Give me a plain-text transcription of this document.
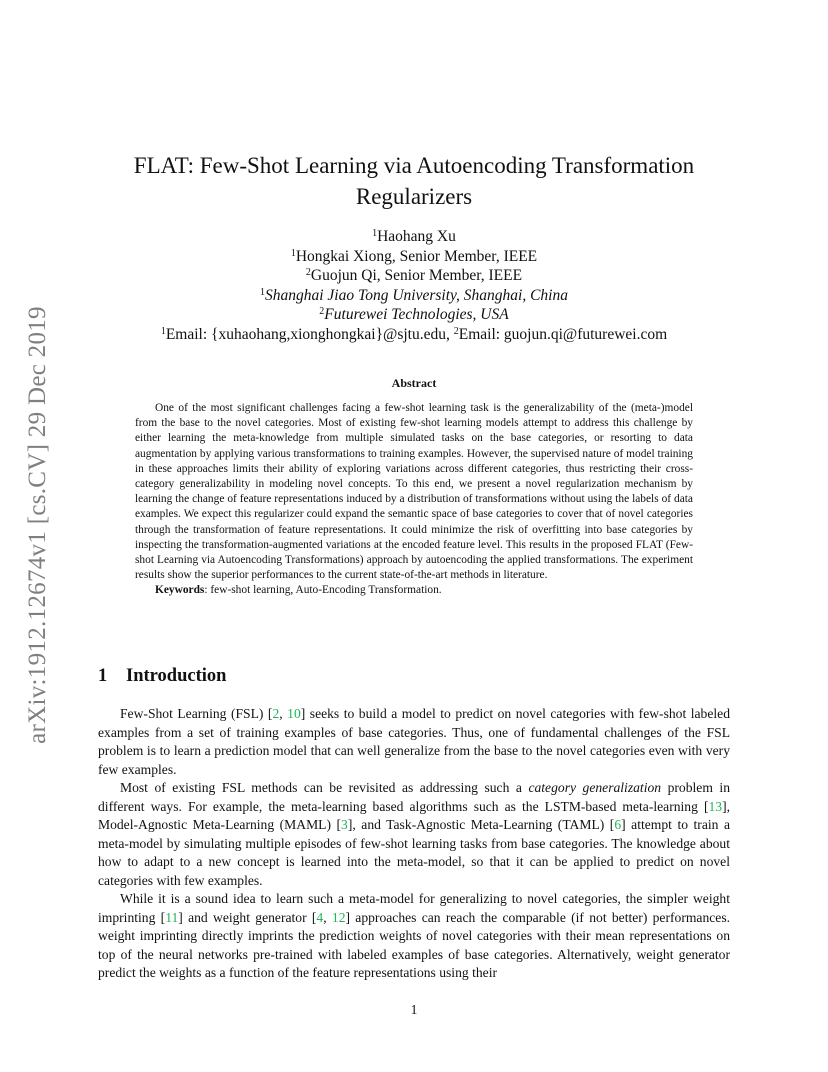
arXiv:1912.12674v1 [cs.CV] 29 Dec 2019
FLAT: Few-Shot Learning via Autoencoding Transformation Regularizers
$^1$Haohang Xu
$^1$Hongkai Xiong, Senior Member, IEEE
$^2$Guojun Qi, Senior Member, IEEE
$^1$Shanghai Jiao Tong University, Shanghai, China
$^2$Futurewei Technologies, USA
$^1$Email: {xuhaohang,xionghongkai}@sjtu.edu, $^2$Email: guojun.qi@futurewei.com
Abstract

One of the most significant challenges facing a few-shot learning task is the generalizability of the (meta-)model from the base to the novel categories. Most of existing few-shot learning models attempt to address this challenge by either learning the meta-knowledge from multiple simulated tasks on the base categories, or resorting to data augmentation by applying various transformations to training examples. However, the supervised nature of model training in these approaches limits their ability of exploring variations across different categories, thus restricting their cross-category generalizability in modeling novel concepts. To this end, we present a novel regularization mechanism by learning the change of feature representations induced by a distribution of transformations without using the labels of data examples. We expect this regularizer could expand the semantic space of base categories to cover that of novel categories through the transformation of feature representations. It could minimize the risk of overfitting into base categories by inspecting the transformation-augmented variations at the encoded feature level. This results in the proposed FLAT (Few-shot Learning via Autoencoding Transformations) approach by autoencoding the applied transformations. The experiment results show the superior performances to the current state-of-the-art methods in literature.

Keywords: few-shot learning, Auto-Encoding Transformation.

1 Introduction

Few-Shot Learning (FSL) [2, 10] seeks to build a model to predict on novel categories with few-shot labeled examples from a set of training examples of base categories. Thus, one of fundamental challenges of the FSL problem is to learn a prediction model that can well generalize from the base to the novel categories even with very few examples.

Most of existing FSL methods can be revisited as addressing such a category generalization problem in different ways. For example, the meta-learning based algorithms such as the LSTM-based meta-learning [13], Model-Agnostic Meta-Learning (MAML) [3], and Task-Agnostic Meta-Learning (TAML) [6] attempt to train a meta-model by simulating multiple episodes of few-shot learning tasks from base categories. The knowledge about how to adapt to a new concept is learned into the meta-model, so that it can be applied to predict on novel categories with few examples.

While it is a sound idea to learn such a meta-model for generalizing to novel categories, the simpler weight imprinting [11] and weight generator [4, 12] approaches can reach the comparable (if not better) performances. weight imprinting directly imprints the prediction weights of novel categories with their mean representations on top of the neural networks pre-trained with labeled examples of base categories. Alternatively, weight generator predict the weights as a function of the feature representations using their

1
